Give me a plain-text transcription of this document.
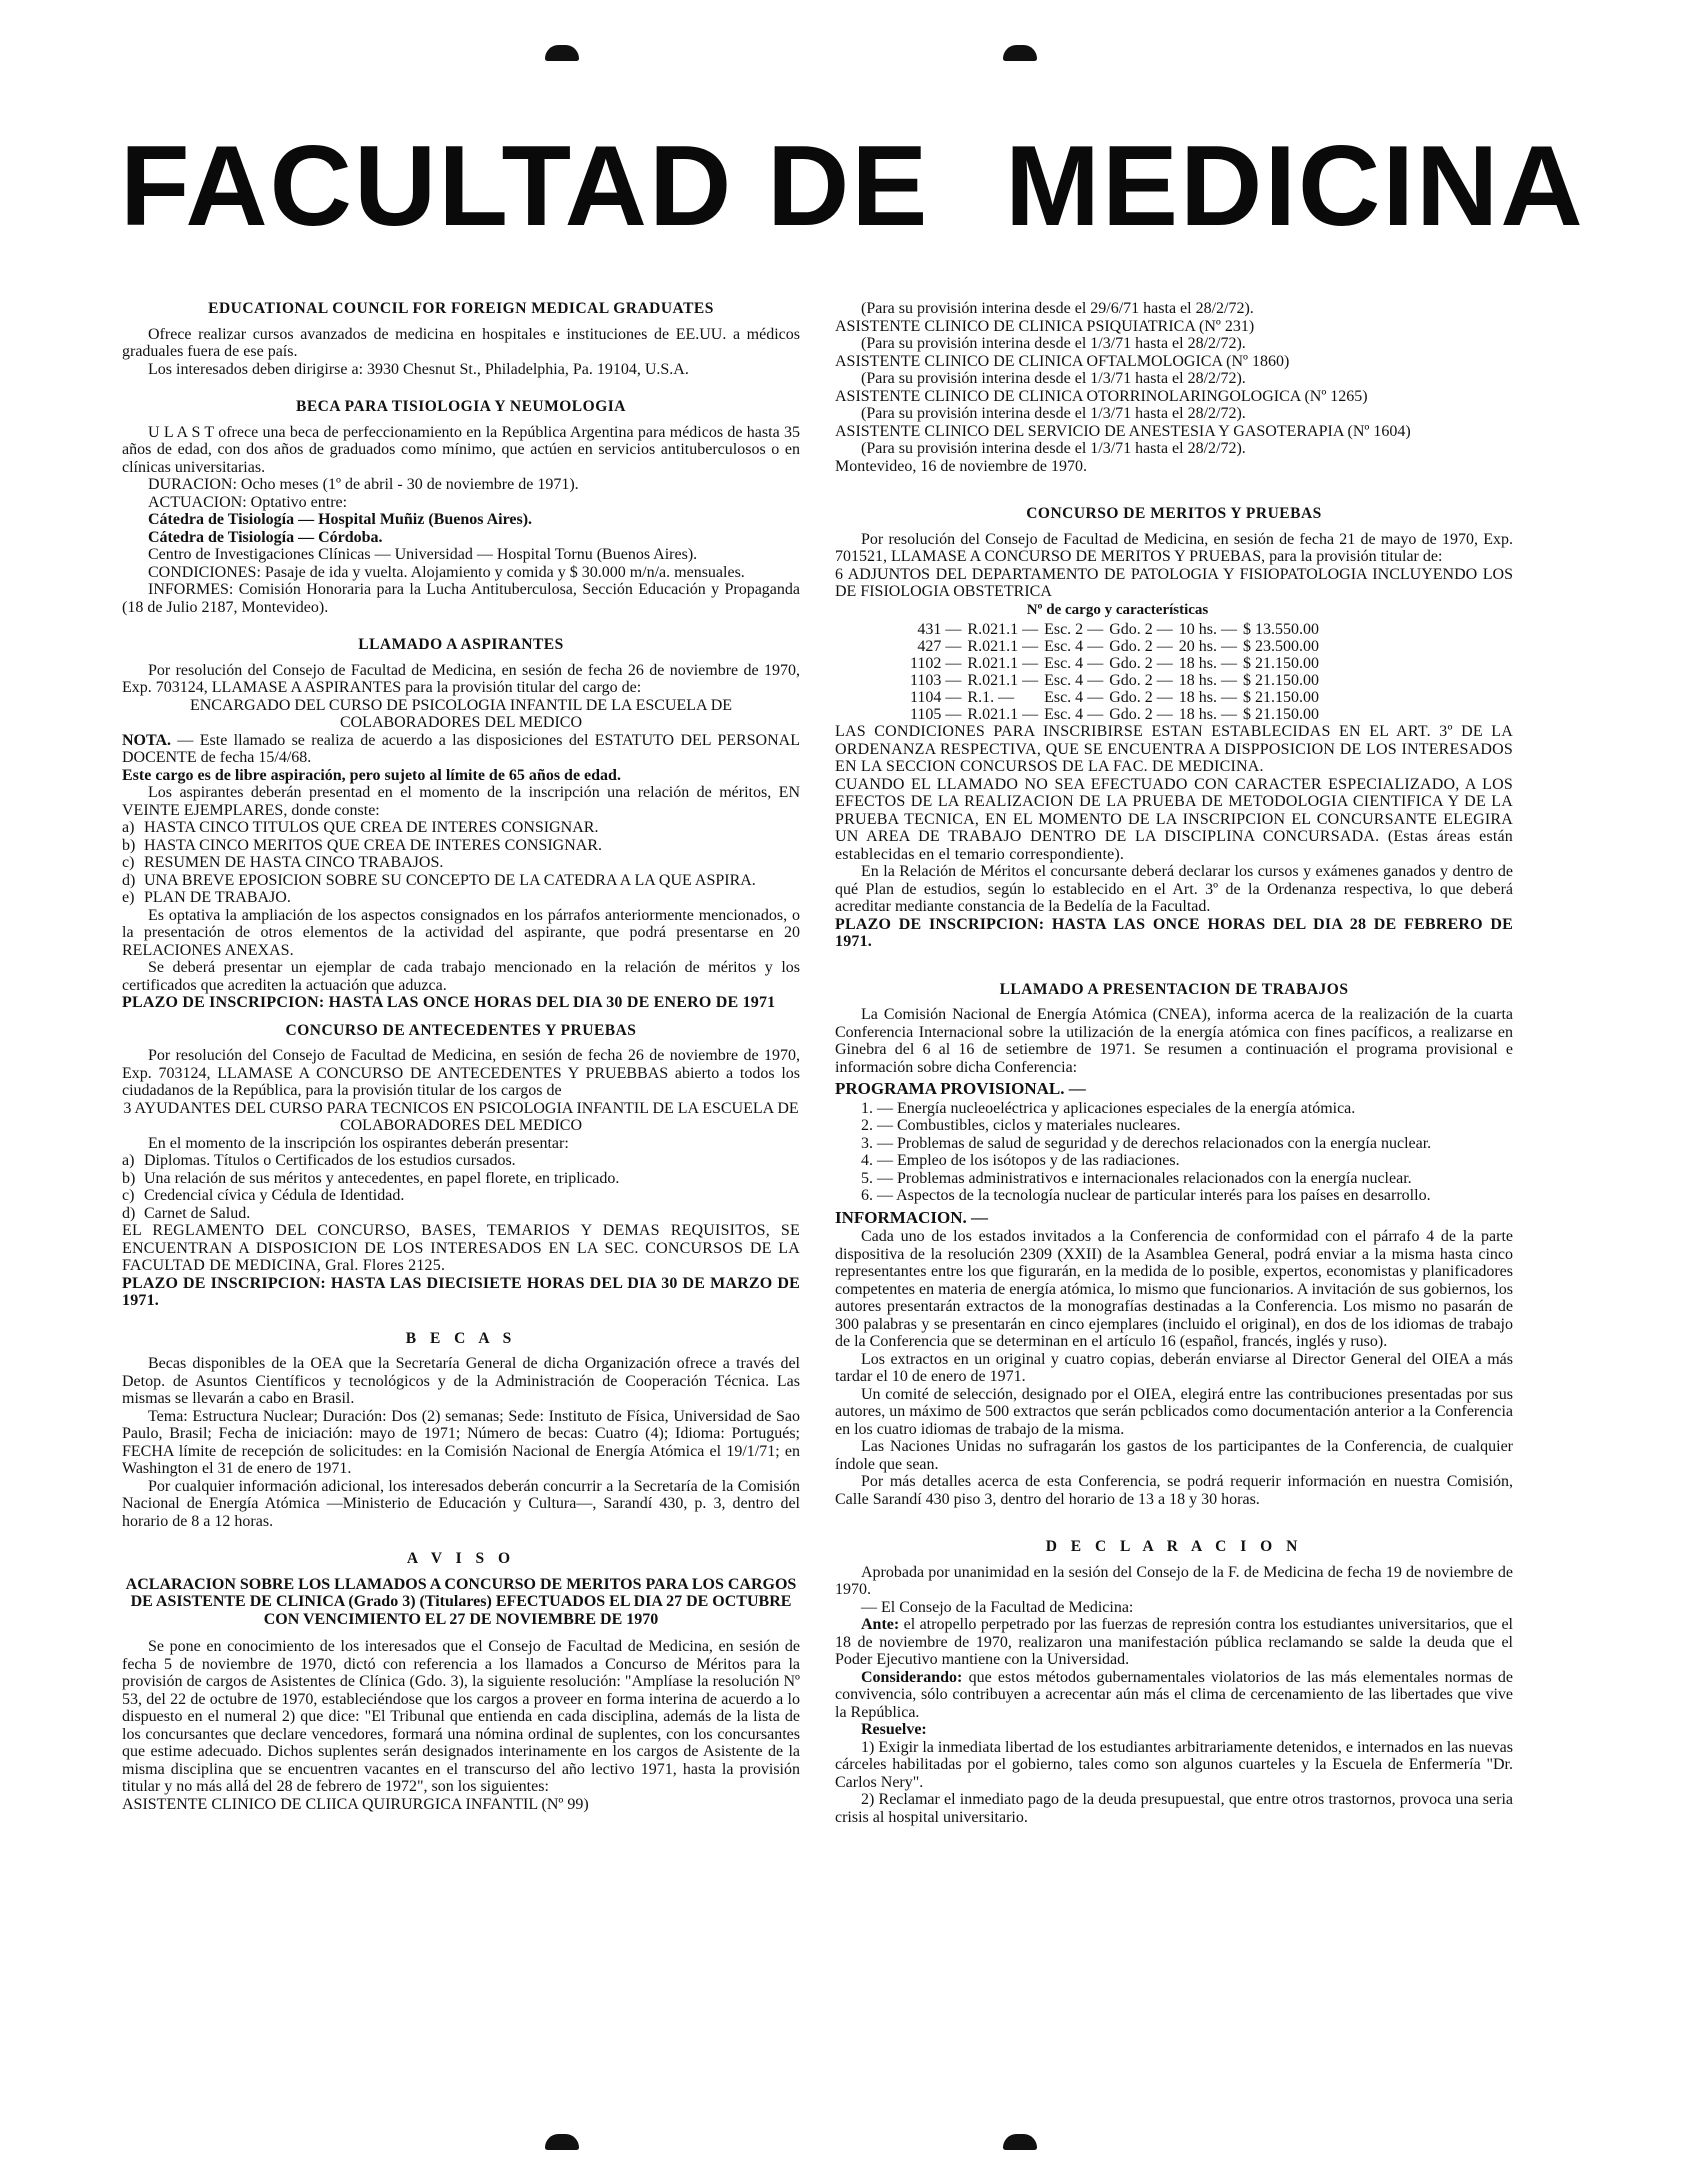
FACULTAD DE MEDICINA
EDUCATIONAL COUNCIL FOR FOREIGN MEDICAL GRADUATES

Ofrece realizar cursos avanzados de medicina en hospitales e instituciones de EE.UU. a médicos graduales fuera de ese país.

Los interesados deben dirigirse a: 3930 Chesnut St., Philadelphia, Pa. 19104, U.S.A.

BECA PARA TISIOLOGIA Y NEUMOLOGIA

U L A S T ofrece una beca de perfeccionamiento en la República Argentina para médicos de hasta 35 años de edad, con dos años de graduados como mínimo, que actúen en servicios antituberculosos o en clínicas universitarias.

DURACION: Ocho meses (1º de abril - 30 de noviembre de 1971).

ACTUACION: Optativo entre:

Cátedra de Tisiología — Hospital Muñiz (Buenos Aires).

Cátedra de Tisiología — Córdoba.

Centro de Investigaciones Clínicas — Universidad — Hospital Tornu (Buenos Aires).

CONDICIONES: Pasaje de ida y vuelta. Alojamiento y comida y $ 30.000 m/n/a. mensuales.

INFORMES: Comisión Honoraria para la Lucha Antituberculosa, Sección Educación y Propaganda (18 de Julio 2187, Montevideo).

LLAMADO A ASPIRANTES

Por resolución del Consejo de Facultad de Medicina, en sesión de fecha 26 de noviembre de 1970, Exp. 703124, LLAMASE A ASPIRANTES para la provisión titular del cargo de:

ENCARGADO DEL CURSO DE PSICOLOGIA INFANTIL DE LA ESCUELA DE COLABORADORES DEL MEDICO

NOTA. — Este llamado se realiza de acuerdo a las disposiciones del ESTATUTO DEL PERSONAL DOCENTE de fecha 15/4/68.

Este cargo es de libre aspiración, pero sujeto al límite de 65 años de edad.

Los aspirantes deberán presentad en el momento de la inscripción una relación de méritos, EN VEINTE EJEMPLARES, donde conste:

a) HASTA CINCO TITULOS QUE CREA DE INTERES CONSIGNAR.

b) HASTA CINCO MERITOS QUE CREA DE INTERES CONSIGNAR.

c) RESUMEN DE HASTA CINCO TRABAJOS.

d) UNA BREVE EPOSICION SOBRE SU CONCEPTO DE LA CATEDRA A LA QUE ASPIRA.

e) PLAN DE TRABAJO.

Es optativa la ampliación de los aspectos consignados en los párrafos anteriormente mencionados, o la presentación de otros elementos de la actividad del aspirante, que podrá presentarse en 20 RELACIONES ANEXAS.

Se deberá presentar un ejemplar de cada trabajo mencionado en la relación de méritos y los certificados que acrediten la actuación que aduzca.

PLAZO DE INSCRIPCION: HASTA LAS ONCE HORAS DEL DIA 30 DE ENERO DE 1971

CONCURSO DE ANTECEDENTES Y PRUEBAS

Por resolución del Consejo de Facultad de Medicina, en sesión de fecha 26 de noviembre de 1970, Exp. 703124, LLAMASE A CONCURSO DE ANTECEDENTES Y PRUEBBAS abierto a todos los ciudadanos de la República, para la provisión titular de los cargos de

3 AYUDANTES DEL CURSO PARA TECNICOS EN PSICOLOGIA INFANTIL DE LA ESCUELA DE COLABORADORES DEL MEDICO

En el momento de la inscripción los ospirantes deberán presentar:

a) Diplomas. Títulos o Certificados de los estudios cursados.

b) Una relación de sus méritos y antecedentes, en papel florete, en triplicado.

c) Credencial cívica y Cédula de Identidad.

d) Carnet de Salud.

EL REGLAMENTO DEL CONCURSO, BASES, TEMARIOS Y DEMAS REQUISITOS, SE ENCUENTRAN A DISPOSICION DE LOS INTERESADOS EN LA SEC. CONCURSOS DE LA FACULTAD DE MEDICINA, Gral. Flores 2125.

PLAZO DE INSCRIPCION: HASTA LAS DIECISIETE HORAS DEL DIA 30 DE MARZO DE 1971.

B E C A S

Becas disponibles de la OEA que la Secretaría General de dicha Organización ofrece a través del Detop. de Asuntos Científicos y tecnológicos y de la Administración de Cooperación Técnica. Las mismas se llevarán a cabo en Brasil.

Tema: Estructura Nuclear; Duración: Dos (2) semanas; Sede: Instituto de Física, Universidad de Sao Paulo, Brasil; Fecha de iniciación: mayo de 1971; Número de becas: Cuatro (4); Idioma: Portugués; FECHA límite de recepción de solicitudes: en la Comisión Nacional de Energía Atómica el 19/1/71; en Washington el 31 de enero de 1971.

Por cualquier información adicional, los interesados deberán concurrir a la Secretaría de la Comisión Nacional de Energía Atómica —Ministerio de Educación y Cultura—, Sarandí 430, p. 3, dentro del horario de 8 a 12 horas.

A V I S O

ACLARACION SOBRE LOS LLAMADOS A CONCURSO DE MERITOS PARA LOS CARGOS DE ASISTENTE DE CLINICA (Grado 3) (Titulares) EFECTUADOS EL DIA 27 DE OCTUBRE CON VENCIMIENTO EL 27 DE NOVIEMBRE DE 1970

Se pone en conocimiento de los interesados que el Consejo de Facultad de Medicina, en sesión de fecha 5 de noviembre de 1970, dictó con referencia a los llamados a Concurso de Méritos para la provisión de cargos de Asistentes de Clínica (Gdo. 3), la siguiente resolución: "Amplíase la resolución Nº 53, del 22 de octubre de 1970, estableciéndose que los cargos a proveer en forma interina de acuerdo a lo dispuesto en el numeral 2) que dice: "El Tribunal que entienda en cada disciplina, además de la lista de los concursantes que declare vencedores, formará una nómina ordinal de suplentes, con los concursantes que estime adecuado. Dichos suplentes serán designados interinamente en los cargos de Asistente de la misma disciplina que se encuentren vacantes en el transcurso del año lectivo 1971, hasta la provisión titular y no más allá del 28 de febrero de 1972", son los siguientes:

ASISTENTE CLINICO DE CLIICA QUIRURGICA INFANTIL (Nº 99)

(Para su provisión interina desde el 29/6/71 hasta el 28/2/72).

ASISTENTE CLINICO DE CLINICA PSIQUIATRICA (Nº 231)

(Para su provisión interina desde el 1/3/71 hasta el 28/2/72).

ASISTENTE CLINICO DE CLINICA OFTALMOLOGICA (Nº 1860)

(Para su provisión interina desde el 1/3/71 hasta el 28/2/72).

ASISTENTE CLINICO DE CLINICA OTORRINOLARINGOLOGICA (Nº 1265)

(Para su provisión interina desde el 1/3/71 hasta el 28/2/72).

ASISTENTE CLINICO DEL SERVICIO DE ANESTESIA Y GASOTERAPIA (Nº 1604)

(Para su provisión interina desde el 1/3/71 hasta el 28/2/72).

Montevideo, 16 de noviembre de 1970.

CONCURSO DE MERITOS Y PRUEBAS

Por resolución del Consejo de Facultad de Medicina, en sesión de fecha 21 de mayo de 1970, Exp. 701521, LLAMASE A CONCURSO DE MERITOS Y PRUEBAS, para la provisión titular de:

6 ADJUNTOS DEL DEPARTAMENTO DE PATOLOGIA Y FISIOPATOLOGIA INCLUYENDO LOS DE FISIOLOGIA OBSTETRICA

Nº de cargo y características					
431 —	R.021.1 —	Esc. 2 —	Gdo. 2 —	10 hs. —	$ 13.550.00
427 —	R.021.1 —	Esc. 4 —	Gdo. 2 —	20 hs. —	$ 23.500.00
1102 —	R.021.1 —	Esc. 4 —	Gdo. 2 —	18 hs. —	$ 21.150.00
1103 —	R.021.1 —	Esc. 4 —	Gdo. 2 —	18 hs. —	$ 21.150.00
1104 —	R.1. —	Esc. 4 —	Gdo. 2 —	18 hs. —	$ 21.150.00
1105 —	R.021.1 —	Esc. 4 —	Gdo. 2 —	18 hs. —	$ 21.150.00

LAS CONDICIONES PARA INSCRIBIRSE ESTAN ESTABLECIDAS EN EL ART. 3º DE LA ORDENANZA RESPECTIVA, QUE SE ENCUENTRA A DISPPOSICION DE LOS INTERESADOS EN LA SECCION CONCURSOS DE LA FAC. DE MEDICINA.

CUANDO EL LLAMADO NO SEA EFECTUADO CON CARACTER ESPECIALIZADO, A LOS EFECTOS DE LA REALIZACION DE LA PRUEBA DE METODOLOGIA CIENTIFICA Y DE LA PRUEBA TECNICA, EN EL MOMENTO DE LA INSCRIPCION EL CONCURSANTE ELEGIRA UN AREA DE TRABAJO DENTRO DE LA DISCIPLINA CONCURSADA. (Estas áreas están establecidas en el temario correspondiente).

En la Relación de Méritos el concursante deberá declarar los cursos y exámenes ganados y dentro de qué Plan de estudios, según lo establecido en el Art. 3º de la Ordenanza respectiva, lo que deberá acreditar mediante constancia de la Bedelía de la Facultad.

PLAZO DE INSCRIPCION: HASTA LAS ONCE HORAS DEL DIA 28 DE FEBRERO DE 1971.

LLAMADO A PRESENTACION DE TRABAJOS

La Comisión Nacional de Energía Atómica (CNEA), informa acerca de la realización de la cuarta Conferencia Internacional sobre la utilización de la energía atómica con fines pacíficos, a realizarse en Ginebra del 6 al 16 de setiembre de 1971. Se resumen a continuación el programa provisional e información sobre dicha Conferencia:

PROGRAMA PROVISIONAL. —

1. — Energía nucleoeléctrica y aplicaciones especiales de la energía atómica.

2. — Combustibles, ciclos y materiales nucleares.

3. — Problemas de salud de seguridad y de derechos relacionados con la energía nuclear.

4. — Empleo de los isótopos y de las radiaciones.

5. — Problemas administrativos e internacionales relacionados con la energía nuclear.

6. — Aspectos de la tecnología nuclear de particular interés para los países en desarrollo.

INFORMACION. —

Cada uno de los estados invitados a la Conferencia de conformidad con el párrafo 4 de la parte dispositiva de la resolución 2309 (XXII) de la Asamblea General, podrá enviar a la misma hasta cinco representantes entre los que figurarán, en la medida de lo posible, expertos, economistas y planificadores competentes en materia de energía atómica, lo mismo que funcionarios. A invitación de sus gobiernos, los autores presentarán extractos de la monografías destinadas a la Conferencia. Los mismo no pasarán de 300 palabras y se presentarán en cinco ejemplares (incluido el original), en dos de los idiomas de trabajo de la Conferencia que se determinan en el artículo 16 (español, francés, inglés y ruso).

Los extractos en un original y cuatro copias, deberán enviarse al Director General del OIEA a más tardar el 10 de enero de 1971.

Un comité de selección, designado por el OIEA, elegirá entre las contribuciones presentadas por sus autores, un máximo de 500 extractos que serán pcblicados como documentación anterior a la Conferencia en los cuatro idiomas de trabajo de la misma.

Las Naciones Unidas no sufragarán los gastos de los participantes de la Conferencia, de cualquier índole que sean.

Por más detalles acerca de esta Conferencia, se podrá requerir información en nuestra Comisión, Calle Sarandí 430 piso 3, dentro del horario de 13 a 18 y 30 horas.

D E C L A R A C I O N

Aprobada por unanimidad en la sesión del Consejo de la F. de Medicina de fecha 19 de noviembre de 1970.

— El Consejo de la Facultad de Medicina:

Ante: el atropello perpetrado por las fuerzas de represión contra los estudiantes universitarios, que el 18 de noviembre de 1970, realizaron una manifestación pública reclamando se salde la deuda que el Poder Ejecutivo mantiene con la Universidad.

Considerando: que estos métodos gubernamentales violatorios de las más elementales normas de convivencia, sólo contribuyen a acrecentar aún más el clima de cercenamiento de las libertades que vive la República.

Resuelve:

1) Exigir la inmediata libertad de los estudiantes arbitrariamente detenidos, e internados en las nuevas cárceles habilitadas por el gobierno, tales como son algunos cuarteles y la Escuela de Enfermería "Dr. Carlos Nery".

2) Reclamar el inmediato pago de la deuda presupuestal, que entre otros trastornos, provoca una seria crisis al hospital universitario.
